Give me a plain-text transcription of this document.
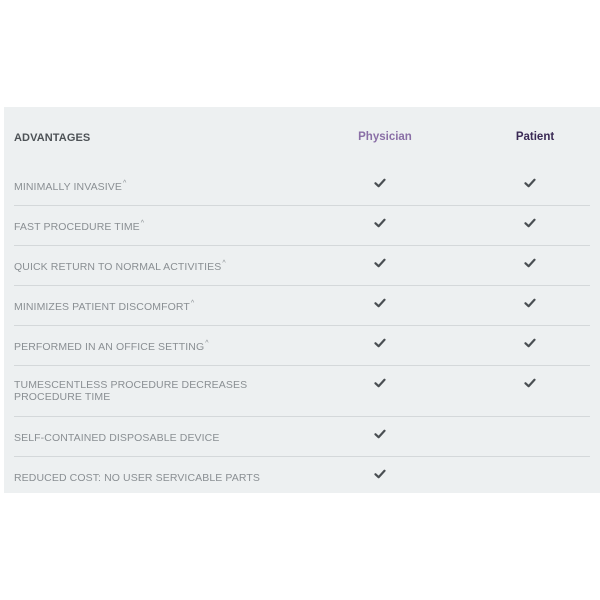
ADVANTAGES	Physician	Patient
MINIMALLY INVASIVE^
FAST PROCEDURE TIME^
QUICK RETURN TO NORMAL ACTIVITIES^
MINIMIZES PATIENT DISCOMFORT^
PERFORMED IN AN OFFICE SETTING^
TUMESCENTLESS PROCEDURE DECREASES PROCEDURE TIME
SELF-CONTAINED DISPOSABLE DEVICE
REDUCED COST: NO USER SERVICABLE PARTS
